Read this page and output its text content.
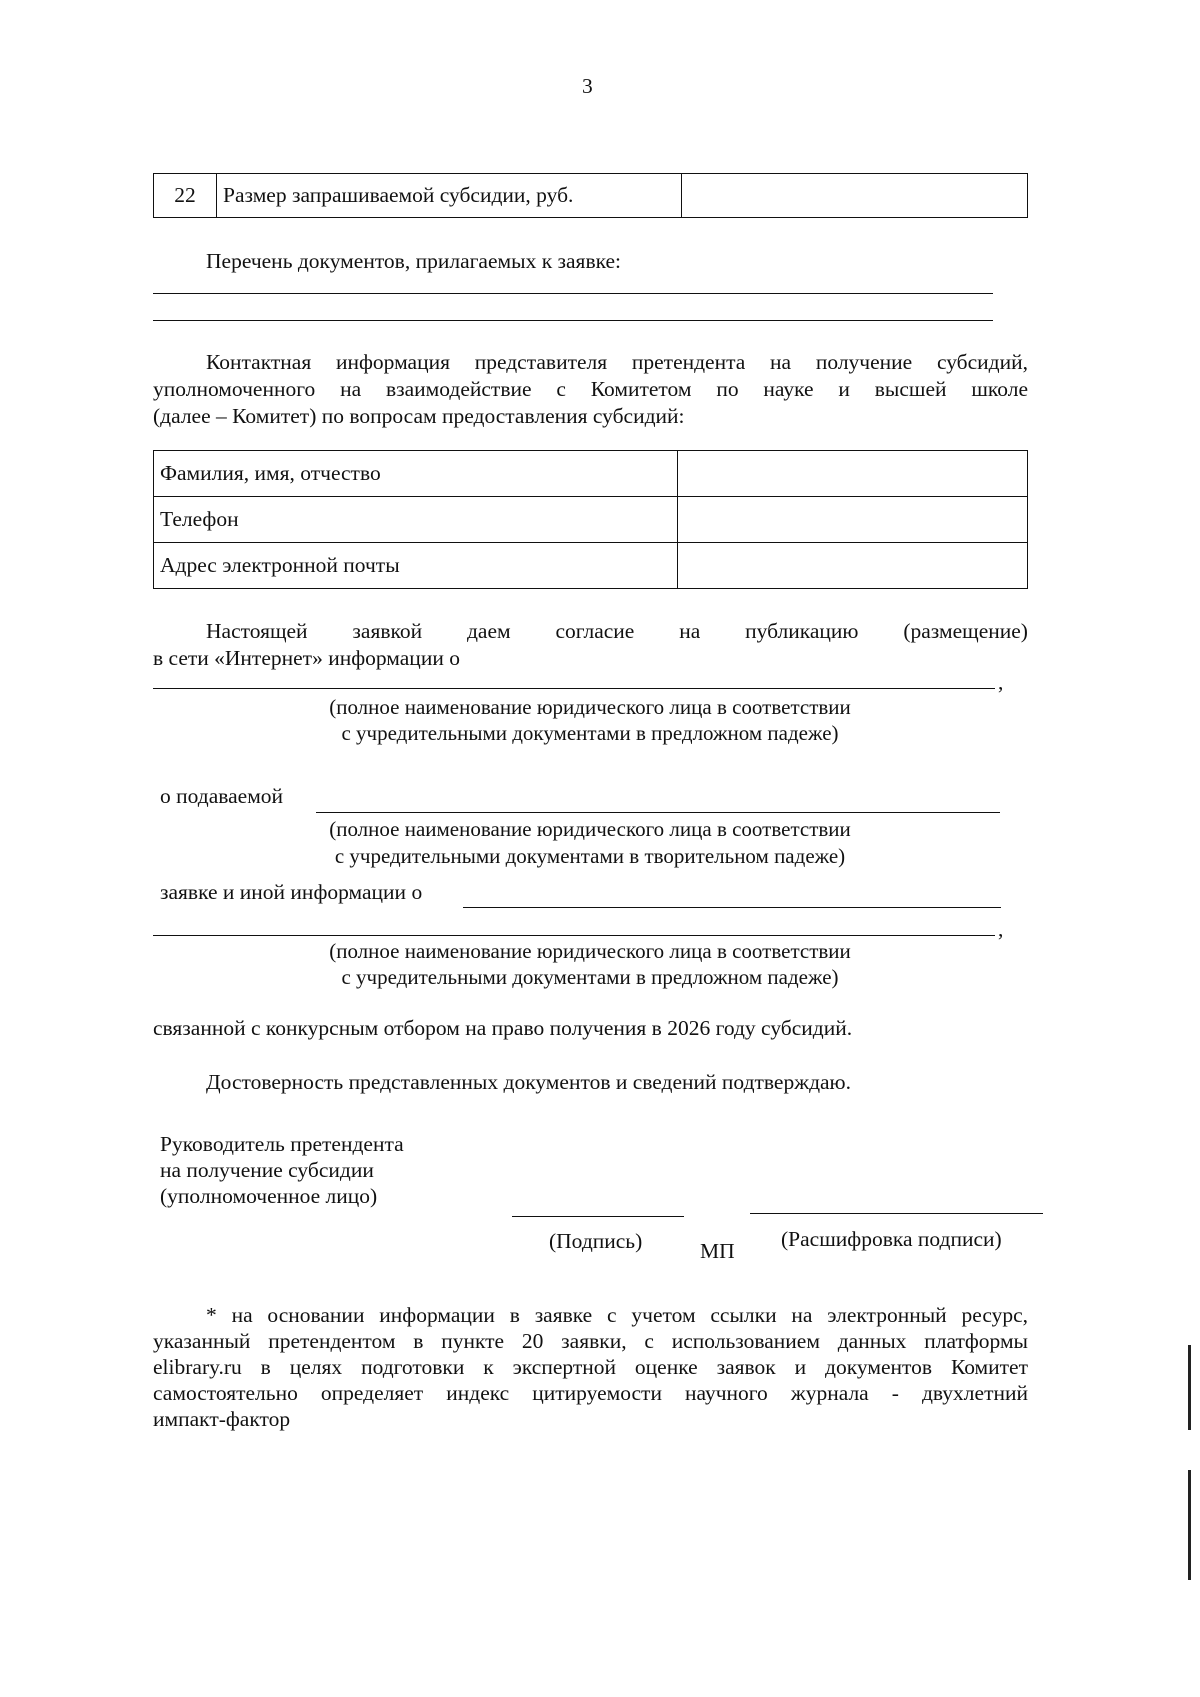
3
22	Размер запрашиваемой субсидии, руб.	
Перечень документов, прилагаемых к заявке:
Контактная информация представителя претендента на получение субсидий,
уполномоченного на взаимодействие с Комитетом по науке и высшей школе
(далее – Комитет) по вопросам предоставления субсидий:
Фамилия, имя, отчество	
Телефон	
Адрес электронной почты	
Настоящей заявкой даем согласие на публикацию (размещение)
в сети «Интернет» информации о
,
(полное наименование юридического лица в соответствии
с учредительными документами в предложном падеже)
о подаваемой
(полное наименование юридического лица в соответствии
с учредительными документами в творительном падеже)
заявке и иной информации о
,
(полное наименование юридического лица в соответствии
с учредительными документами в предложном падеже)
связанной с конкурсным отбором на право получения в 2026 году субсидий.
Достоверность представленных документов и сведений подтверждаю.
Руководитель претендента
на получение субсидии
(уполномоченное лицо)
(Подпись)	МП (Расшифровка подписи)
* на основании информации в заявке с учетом ссылки на электронный ресурс,
указанный претендентом в пункте 20 заявки, с использованием данных платформы
elibrary.ru в целях подготовки к экспертной оценке заявок и документов Комитет
самостоятельно определяет индекс цитируемости научного журнала - двухлетний
импакт-фактор
